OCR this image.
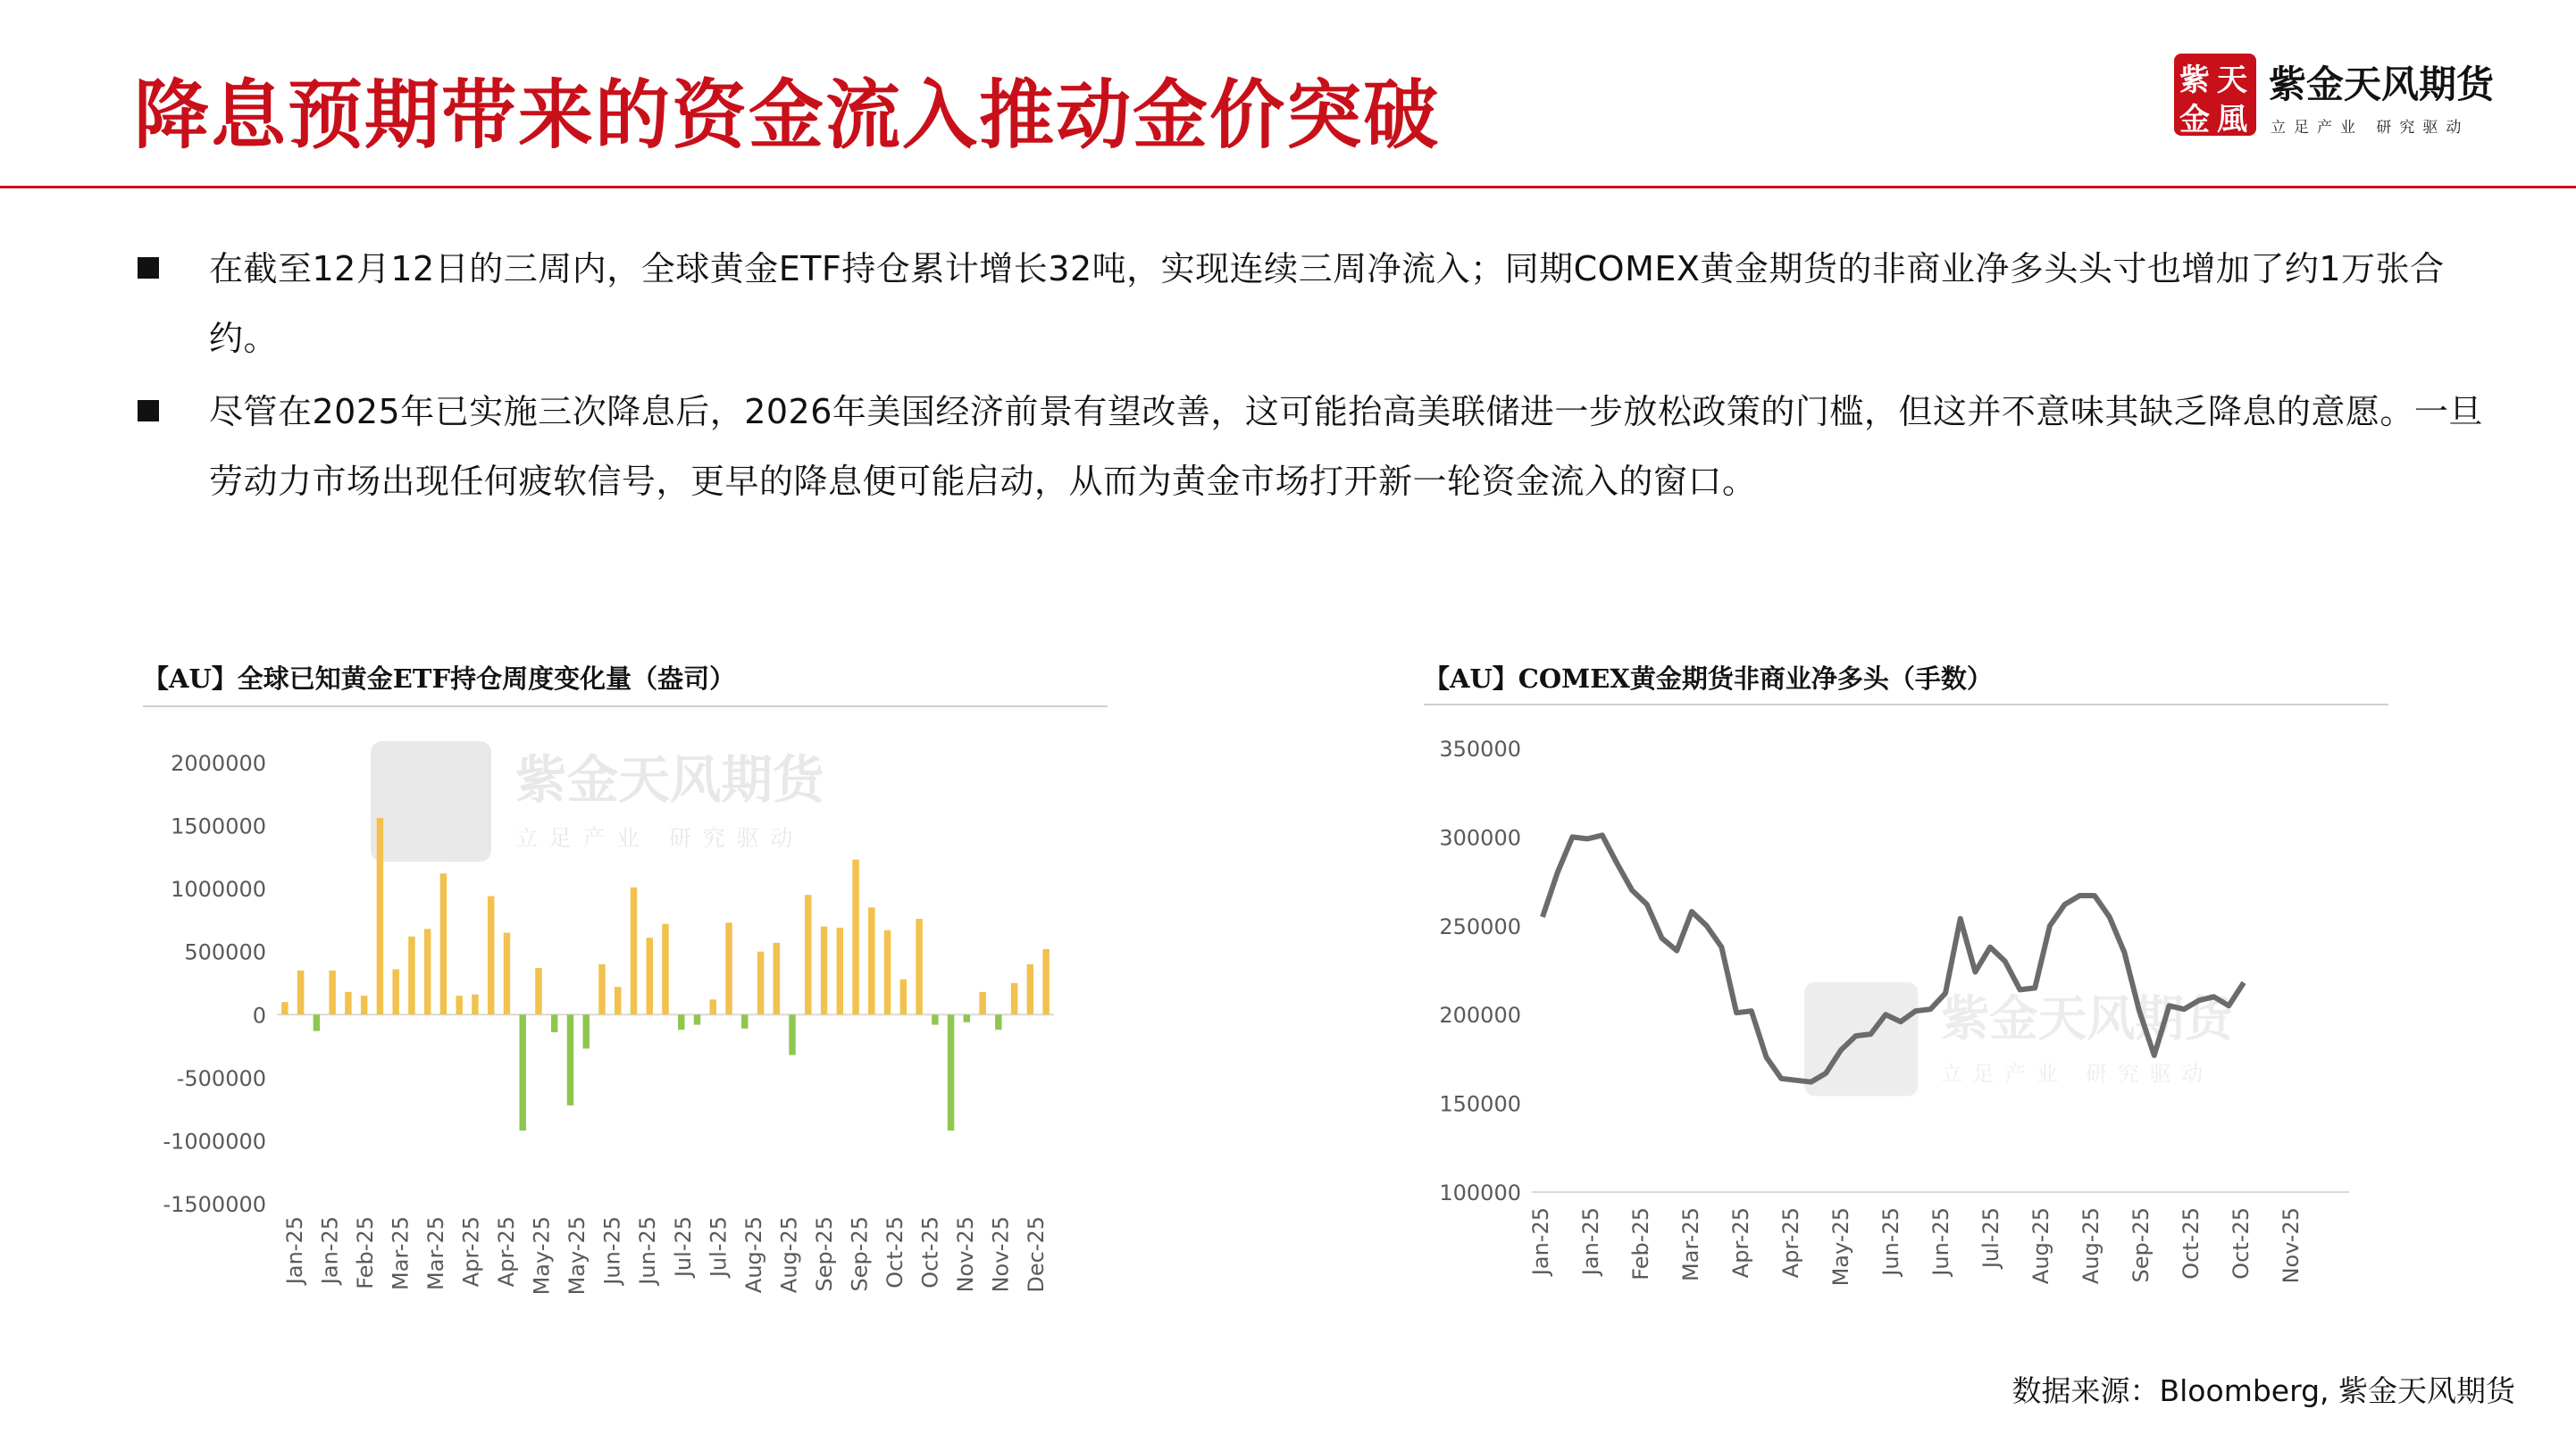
降息预期带来的资金流入推动金价突破	紫 天
金 風
紫金天风期货
立足产业 研究驱动
在截至12月12日的三周内，全球黄金ETF持仓累计增长32吨，实现连续三周净流入；同期COMEX黄金期货的非商业净多头头寸也增加了约1万张合约。
尽管在2025年已实施三次降息后，2026年美国经济前景有望改善，这可能抬高美联储进一步放松政策的门槛，但这并不意味其缺乏降息的意愿。一旦劳动力市场出现任何疲软信号，更早的降息便可能启动，从而为黄金市场打开新一轮资金流入的窗口。
【AU】全球已知黄金ETF持仓周度变化量（盎司）
紫金天风期货
立足产业 研究驱动
2000000
1500000
1000000
500000
0
-500000
-1000000
-1500000
Jan-25 Jan-25 Feb-25 Mar-25 Mar-25 Apr-25 Apr-25 May-25 May-25 Jun-25 Jun-25 Jul-25 Jul-25 Aug-25 Aug-25 Sep-25 Sep-25 Oct-25 Oct-25 Nov-25 Nov-25 Dec-25
【AU】COMEX黄金期货非商业净多头（手数）
紫金天风期货
立足产业 研究驱动
350000
300000
250000
200000
150000
100000
Jan-25 Jan-25 Feb-25 Mar-25 Apr-25 Apr-25 May-25 Jun-25 Jun-25 Jul-25 Aug-25 Aug-25 Sep-25 Oct-25 Oct-25 Nov-25
数据来源：Bloomberg, 紫金天风期货
